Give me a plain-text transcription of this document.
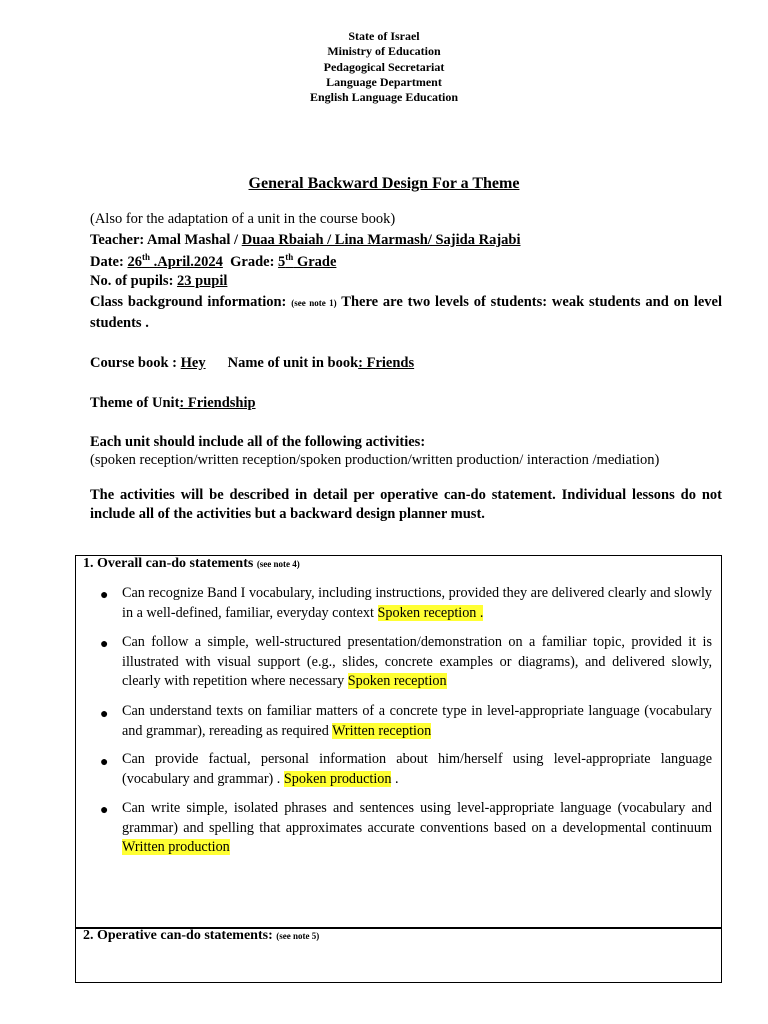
State of Israel
Ministry of Education
Pedagogical Secretariat
Language Department
English Language Education
General Backward Design For a Theme
(Also for the adaptation of a unit in the course book)
Teacher: Amal Mashal / Duaa Rbaiah / Lina Marmash/ Sajida Rajabi
Date: 26th .April.2024 Grade: 5th Grade
No. of pupils: 23 pupil
Class background information: (see note 1) There are two levels of students: weak students and on level students .
Course book : Hey Name of unit in book: Friends
Theme of Unit: Friendship
Each unit should include all of the following activities:
(spoken reception/written reception/spoken production/written production/ interaction /mediation)
The activities will be described in detail per operative can-do statement. Individual lessons do not include all of the activities but a backward design planner must.
1. Overall can-do statements (see note 4)
● Can recognize Band I vocabulary, including instructions, provided they are delivered clearly and slowly in a well-defined, familiar, everyday context Spoken reception .
● Can follow a simple, well-structured presentation/demonstration on a familiar topic, provided it is illustrated with visual support (e.g., slides, concrete examples or diagrams), and delivered slowly, clearly with repetition where necessary Spoken reception
● Can understand texts on familiar matters of a concrete type in level-appropriate language (vocabulary and grammar), rereading as required Written reception
● Can provide factual, personal information about him/herself using level-appropriate language (vocabulary and grammar) . Spoken production .
● Can write simple, isolated phrases and sentences using level-appropriate language (vocabulary and grammar) and spelling that approximates accurate conventions based on a developmental continuum Written production
2. Operative can-do statements: (see note 5)
